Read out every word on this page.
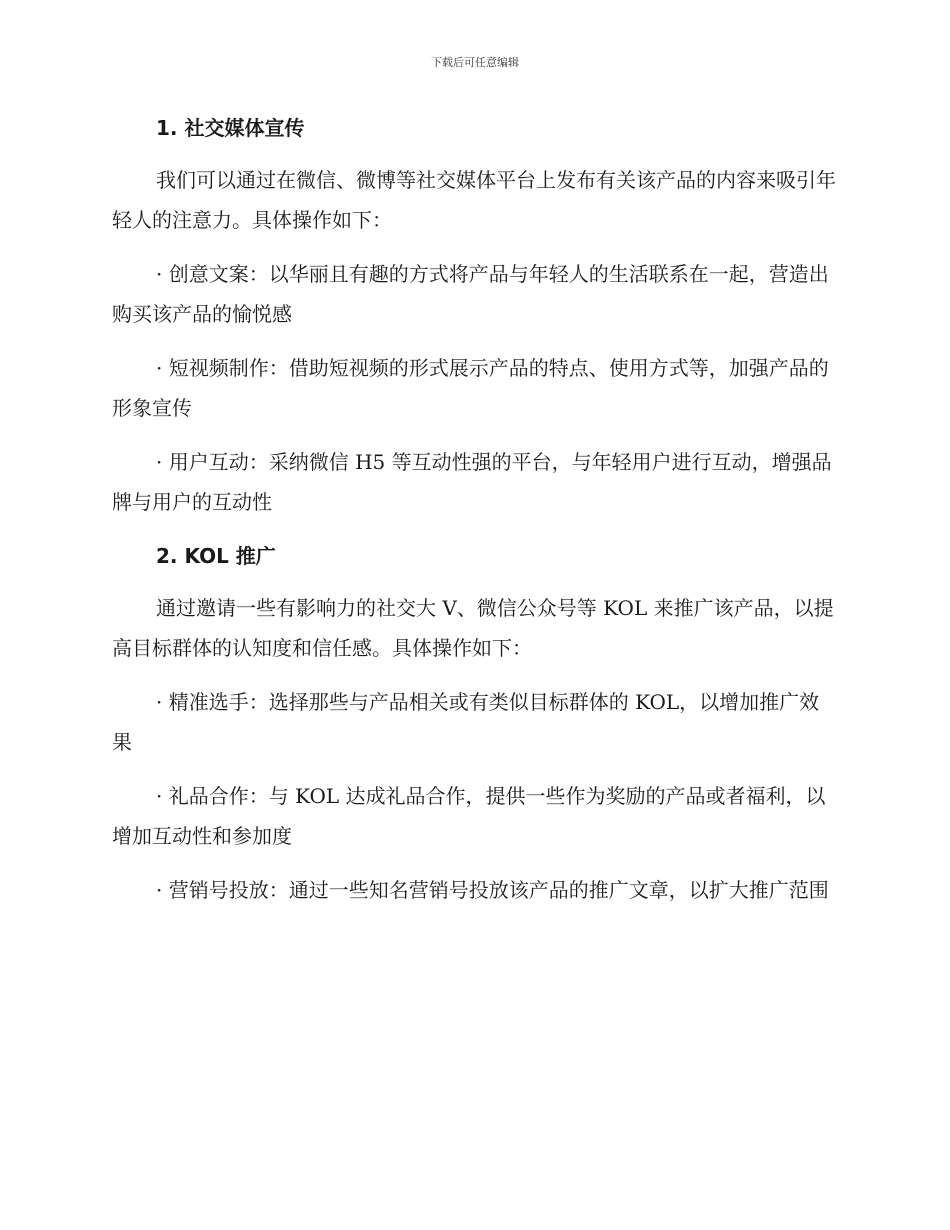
下载后可任意编辑
1. 社交媒体宣传

我们可以通过在微信、微博等社交媒体平台上发布有关该产品的内容来吸引年轻人的注意力。具体操作如下：

· 创意文案：以华丽且有趣的方式将产品与年轻人的生活联系在一起，营造出购买该产品的愉悦感

· 短视频制作：借助短视频的形式展示产品的特点、使用方式等，加强产品的形象宣传

· 用户互动：采纳微信 H5 等互动性强的平台，与年轻用户进行互动，增强品牌与用户的互动性

2. KOL 推广

通过邀请一些有影响力的社交大 V、微信公众号等 KOL 来推广该产品，以提高目标群体的认知度和信任感。具体操作如下：

· 精准选手：选择那些与产品相关或有类似目标群体的 KOL，以增加推广效果

· 礼品合作：与 KOL 达成礼品合作，提供一些作为奖励的产品或者福利，以增加互动性和参加度

· 营销号投放：通过一些知名营销号投放该产品的推广文章，以扩大推广范围
